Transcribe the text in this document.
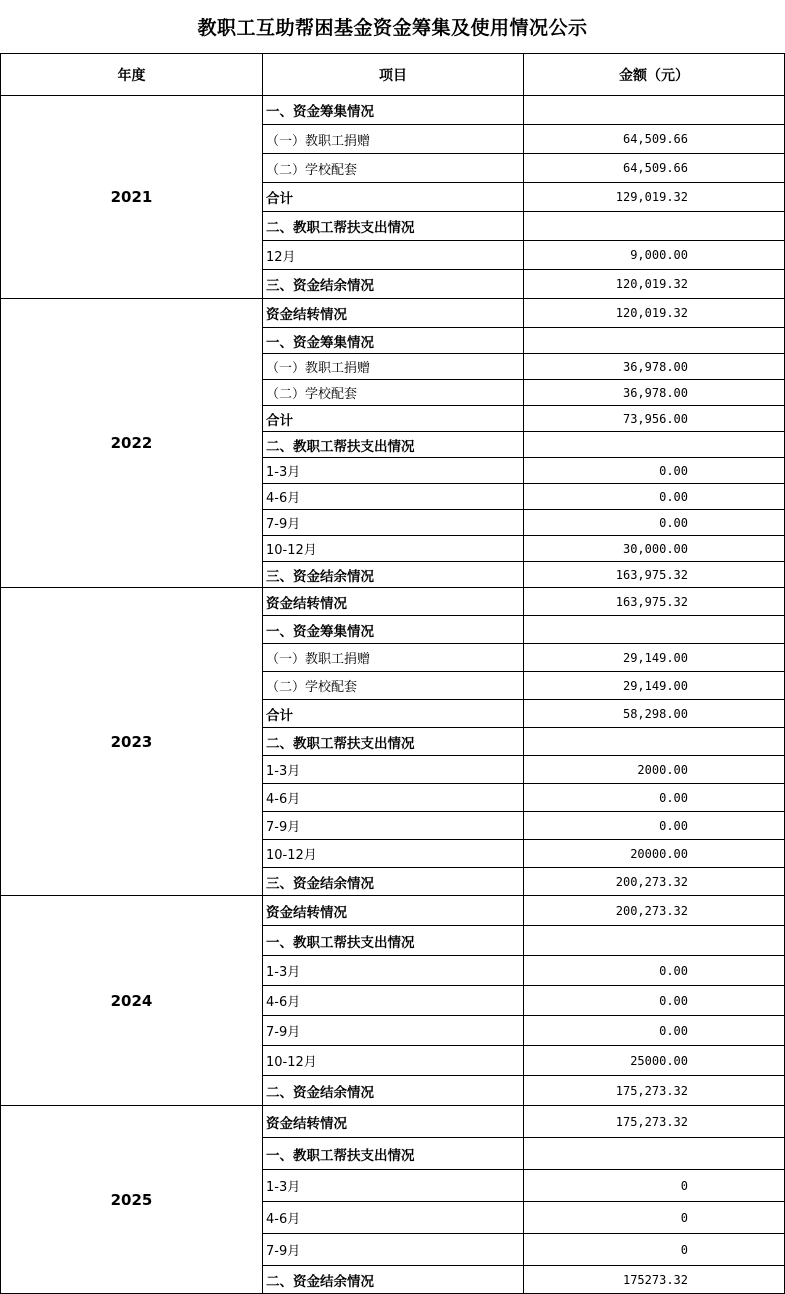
教职工互助帮困基金资金筹集及使用情况公示
年度	项目	金额（元）
2021	一、资金筹集情况	
	（一）教职工捐赠	64,509.66
	（二）学校配套	64,509.66
	合计	129,019.32
	二、教职工帮扶支出情况	
	12月	9,000.00
	三、资金结余情况	120,019.32
2022	资金结转情况	120,019.32
	一、资金筹集情况	
	（一）教职工捐赠	36,978.00
	（二）学校配套	36,978.00
	合计	73,956.00
	二、教职工帮扶支出情况	
	1-3月	0.00
	4-6月	0.00
	7-9月	0.00
	10-12月	30,000.00
	三、资金结余情况	163,975.32
2023	资金结转情况	163,975.32
	一、资金筹集情况	
	（一）教职工捐赠	29,149.00
	（二）学校配套	29,149.00
	合计	58,298.00
	二、教职工帮扶支出情况	
	1-3月	2000.00
	4-6月	0.00
	7-9月	0.00
	10-12月	20000.00
	三、资金结余情况	200,273.32
2024	资金结转情况	200,273.32
	一、教职工帮扶支出情况	
	1-3月	0.00
	4-6月	0.00
	7-9月	0.00
	10-12月	25000.00
	二、资金结余情况	175,273.32
2025	资金结转情况	175,273.32
	一、教职工帮扶支出情况	
	1-3月	0
	4-6月	0
	7-9月	0
	二、资金结余情况	175273.32
